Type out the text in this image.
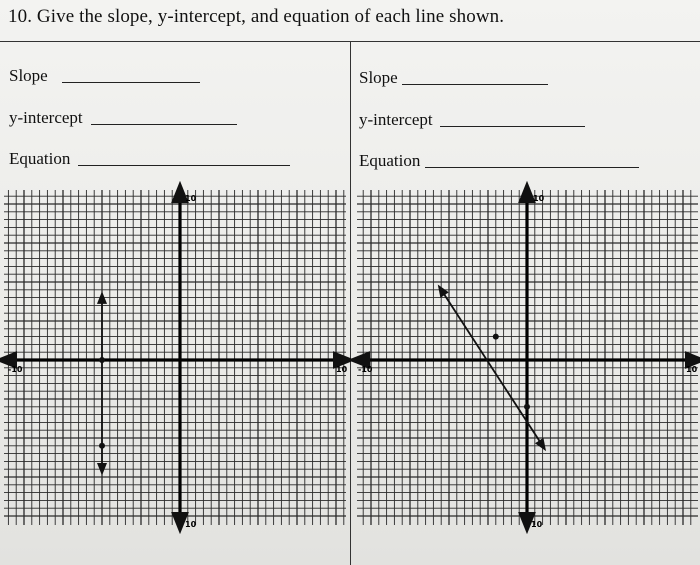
10. Give the slope, y-intercept, and equation of each line shown.
Slope
y-intercept
Equation
Slope
y-intercept
Equation
-10	10
10
10
-10	10
10
10
